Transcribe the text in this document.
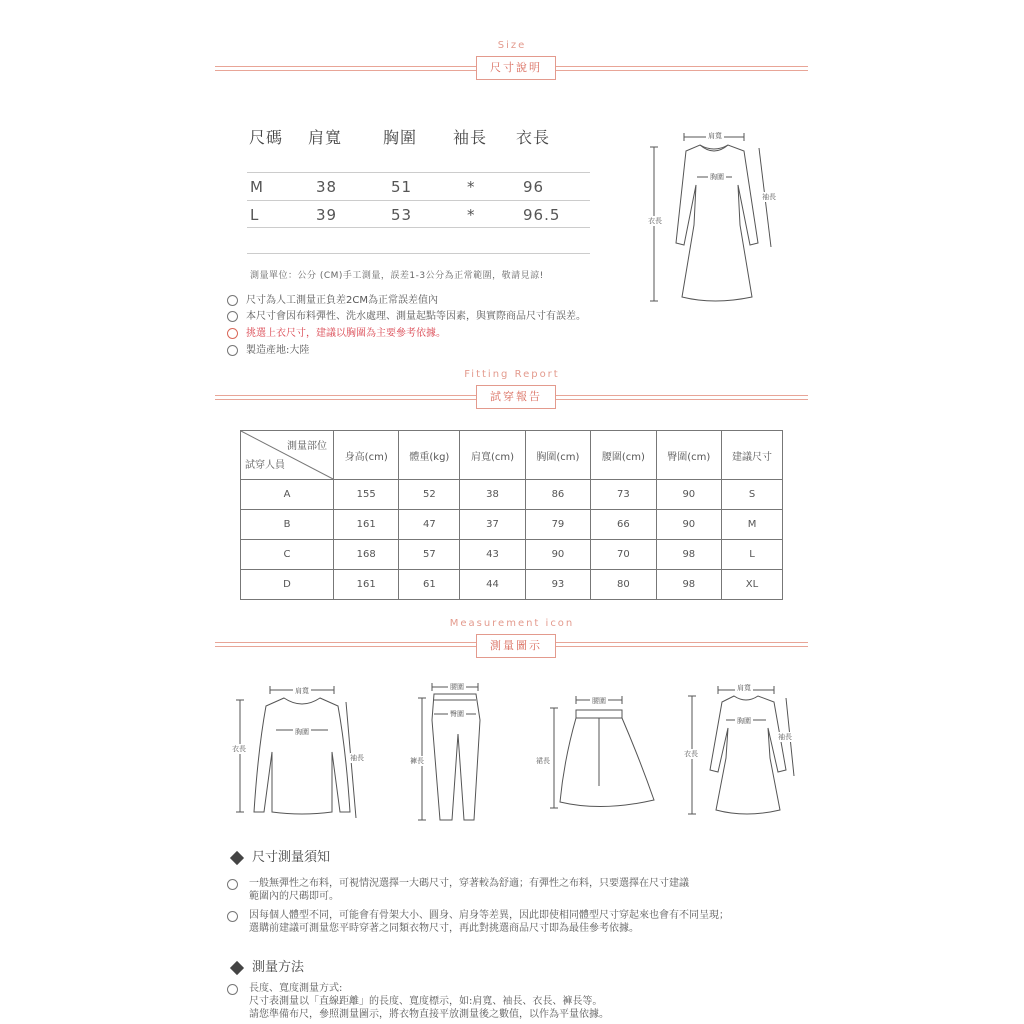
Size
尺寸說明
尺碼 肩寬	胸圍 袖長 衣長
M	38	51	*	96
L	39	53	*	96.5
測量單位：公分 (CM)手工測量，誤差1-3公分為正常範圍，敬請見諒!
尺寸為人工測量正負差2CM為正常誤差值內
本尺寸會因布料彈性、洗水處理、測量起點等因素，與實際商品尺寸有誤差。
挑選上衣尺寸，建議以胸圍為主要參考依據。
製造產地:大陸
肩寬
胸圍
袖長
衣長
Fitting Report
試穿報告
測量部位
試穿人員	身高(cm)	體重(kg)	肩寬(cm)	胸圍(cm)	腰圍(cm)	臀圍(cm)	建議尺寸
A	155	52	38	86	73	90	S
B	161	47	37	79	66	90	M
C	168	57	43	90	70	98	L
D	161	61	44	93	80	98	XL
Measurement icon
測量圖示
肩寬
胸圍
衣長
袖長
腰圍
臀圍
褲長
腰圍
裙長
肩寬
胸圍
衣長
袖長
尺寸測量須知
一般無彈性之布料，可視情況選擇一大碼尺寸，穿著較為舒適；有彈性之布料，只要選擇在尺寸建議
範圍內的尺碼即可。
因每個人體型不同，可能會有骨架大小、圓身、肩身等差異，因此即使相同體型尺寸穿起來也會有不同呈現；
選購前建議可測量您平時穿著之同類衣物尺寸，再此對挑選商品尺寸即為最佳參考依據。
測量方法
長度、寬度測量方式:
尺寸表測量以「直線距離」的長度、寬度標示，如:肩寬、袖長、衣長、褲長等。
請您準備布尺，參照測量圖示，將衣物直接平放測量後之數值，以作為平量依據。
